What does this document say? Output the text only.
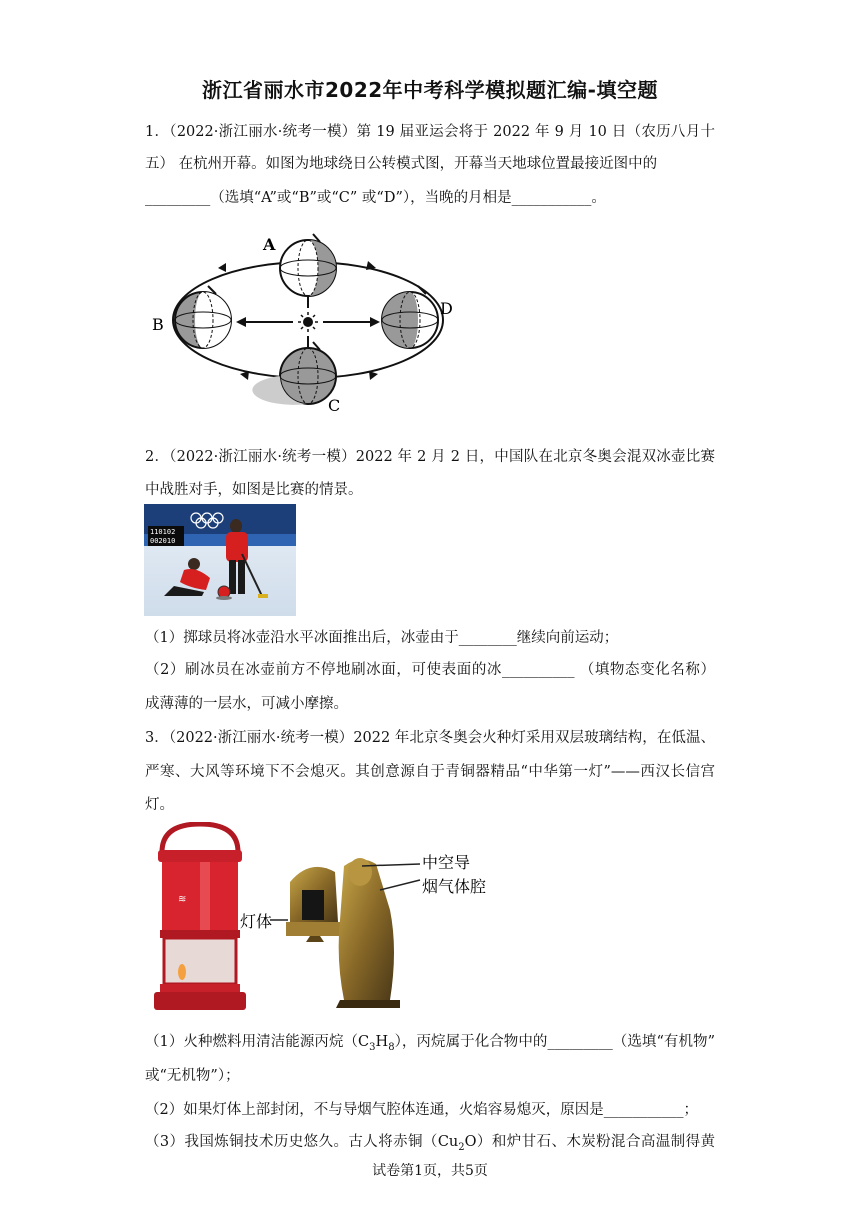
浙江省丽水市2022年中考科学模拟题汇编-填空题
1．（2022·浙江丽水·统考一模）第 19 届亚运会将于 2022 年 9 月 10 日（农历八月十
五） 在杭州开幕。如图为地球绕日公转模式图，开幕当天地球位置最接近图中的
_________（选填“A”或“B”或“C” 或“D”），当晚的月相是___________。
A
B
C
D
2．（2022·浙江丽水·统考一模）2022 年 2 月 2 日，中国队在北京冬奥会混双冰壶比赛
中战胜对手，如图是比赛的情景。
110102
002010
（1）掷球员将冰壶沿水平冰面推出后，冰壶由于________继续向前运动；
（2）刷冰员在冰壶前方不停地刷冰面，可使表面的冰__________ （填物态变化名称）
成薄薄的一层水，可减小摩擦。
3．（2022·浙江丽水·统考一模）2022 年北京冬奥会火种灯采用双层玻璃结构，在低温、
严寒、大风等环境下不会熄灭。其创意源自于青铜器精品“中华第一灯”——西汉长信宫
灯。
≋
中空导
烟气体腔
灯体
（1）火种燃料用清洁能源丙烷$(C_3H_8)$，丙烷属于化合物中的_________（选填“有机物”
或“无机物”）；
（2）如果灯体上部封闭，不与导烟气腔体连通，火焰容易熄灭，原因是___________；
（3）我国炼铜技术历史悠久。古人将赤铜$(Cu_2O)$和炉甘石、木炭粉混合高温制得黄
试卷第1页，共5页
